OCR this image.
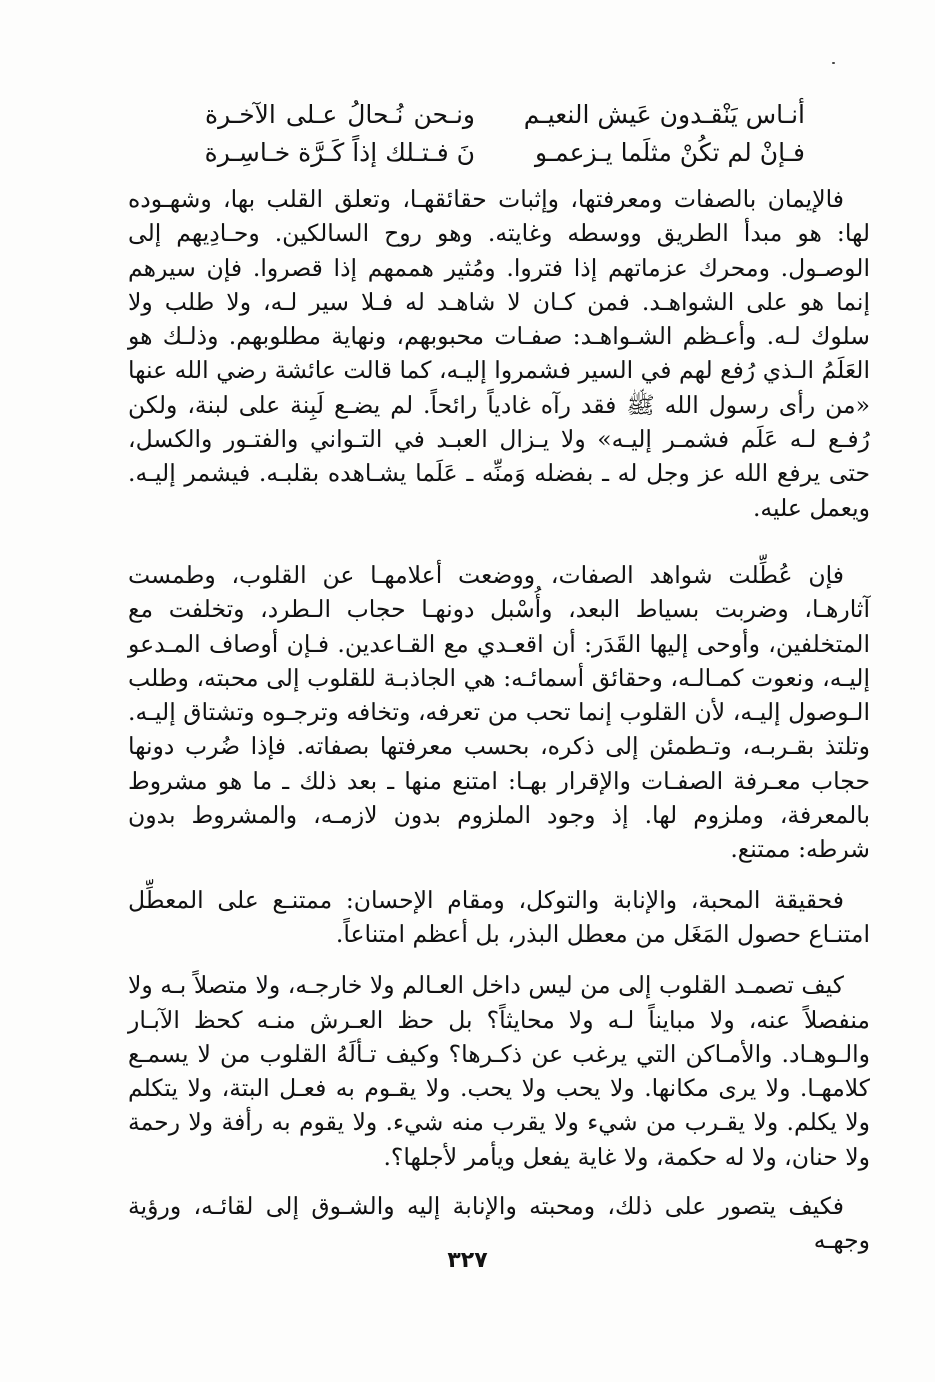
أنـاس يَنْقـدون عَيش النعيـم
ونـحن نُـحالُ عـلى الآخـرة
فـإنْ لم تكُنْ مثلَما يـزعمـو
نَ فـتـلك إذاً كَـرَّة خـاسِـرة

فالإيمان بالصفات ومعرفتها، وإثبات حقائقهـا، وتعلق القلب بها، وشهـوده لها: هو مبدأ الطريق ووسطه وغايته. وهو روح السالكين. وحـادِيهم إلى الوصـول. ومحرك عزماتهم إذا فتروا. ومُثير هممهم إذا قصروا. فإن سيرهم إنما هو على الشواهـد. فمن كـان لا شاهـد له فـلا سير لـه، ولا طلب ولا سلوك لـه. وأعـظم الشـواهـد: صفـات محبوبهم، ونهاية مطلوبهم. وذلـك هو العَلَمُ الـذي رُفع لهم في السير فشمروا إليـه، كما قالت عائشة رضي الله عنها «من رأى رسول الله ﷺ فقد رآه غادياً رائحاً. لم يضـع لَبِنة على لبنة، ولكن رُفـع لـه عَلَم فشمـر إليـه» ولا يـزال العبـد في التـواني والفتـور والكسل، حتى يرفع الله عز وجل له ـ بفضله وَمنِّه ـ عَلَما يشـاهده بقلبـه. فيشمر إليـه. ويعمل عليه.

فإن عُطِّلت شواهد الصفات، ووضعت أعلامهـا عن القلوب، وطمست آثارهـا، وضربت بسياط البعد، وأُسْبل دونهـا حجاب الـطرد، وتخلفت مع المتخلفين، وأوحى إليها القَدَر: أن اقعـدي مع القـاعدين. فـإن أوصاف المـدعو إليـه، ونعوت كمـالـه، وحقائق أسمائـه: هي الجاذبـة للقلوب إلى محبته، وطلب الـوصول إليـه، لأن القلوب إنما تحب من تعرفه، وتخافه وترجـوه وتشتاق إليـه. وتلتذ بقـربـه، وتـطمئن إلى ذكره، بحسب معرفتها بصفاته. فإذا ضُرب دونها حجاب معـرفة الصفـات والإقرار بهـا: امتنع منها ـ بعد ذلك ـ ما هو مشروط بالمعرفة، وملزوم لها. إذ وجود الملزوم بدون لازمـه، والمشروط بدون شرطه: ممتنع.

فحقيقة المحبة، والإنابة والتوكل، ومقام الإحسان: ممتنـع على المعطِّل امتنـاع حصول المَغَل من معطل البذر، بل أعظم امتناعاً.

كيف تصمـد القلوب إلى من ليس داخل العـالم ولا خارجـه، ولا متصلاً بـه ولا منفصلاً عنه، ولا مبايناً لـه ولا محايثاً؟ بل حظ العـرش منـه كحظ الآبـار والـوهـاد. والأمـاكن التي يرغب عن ذكـرها؟ وكيف تـألَهُ القلوب من لا يسمـع كلامهـا. ولا يرى مكانها. ولا يحب ولا يحب. ولا يقـوم به فعـل البتة، ولا يتكلم ولا يكلم. ولا يقـرب من شيء ولا يقرب منه شيء. ولا يقوم به رأفة ولا رحمة ولا حنان، ولا له حكمة، ولا غاية يفعل ويأمر لأجلها؟.

فكيف يتصور على ذلك، ومحبته والإنابة إليه والشـوق إلى لقائـه، ورؤية وجهـه

٣٢٧
